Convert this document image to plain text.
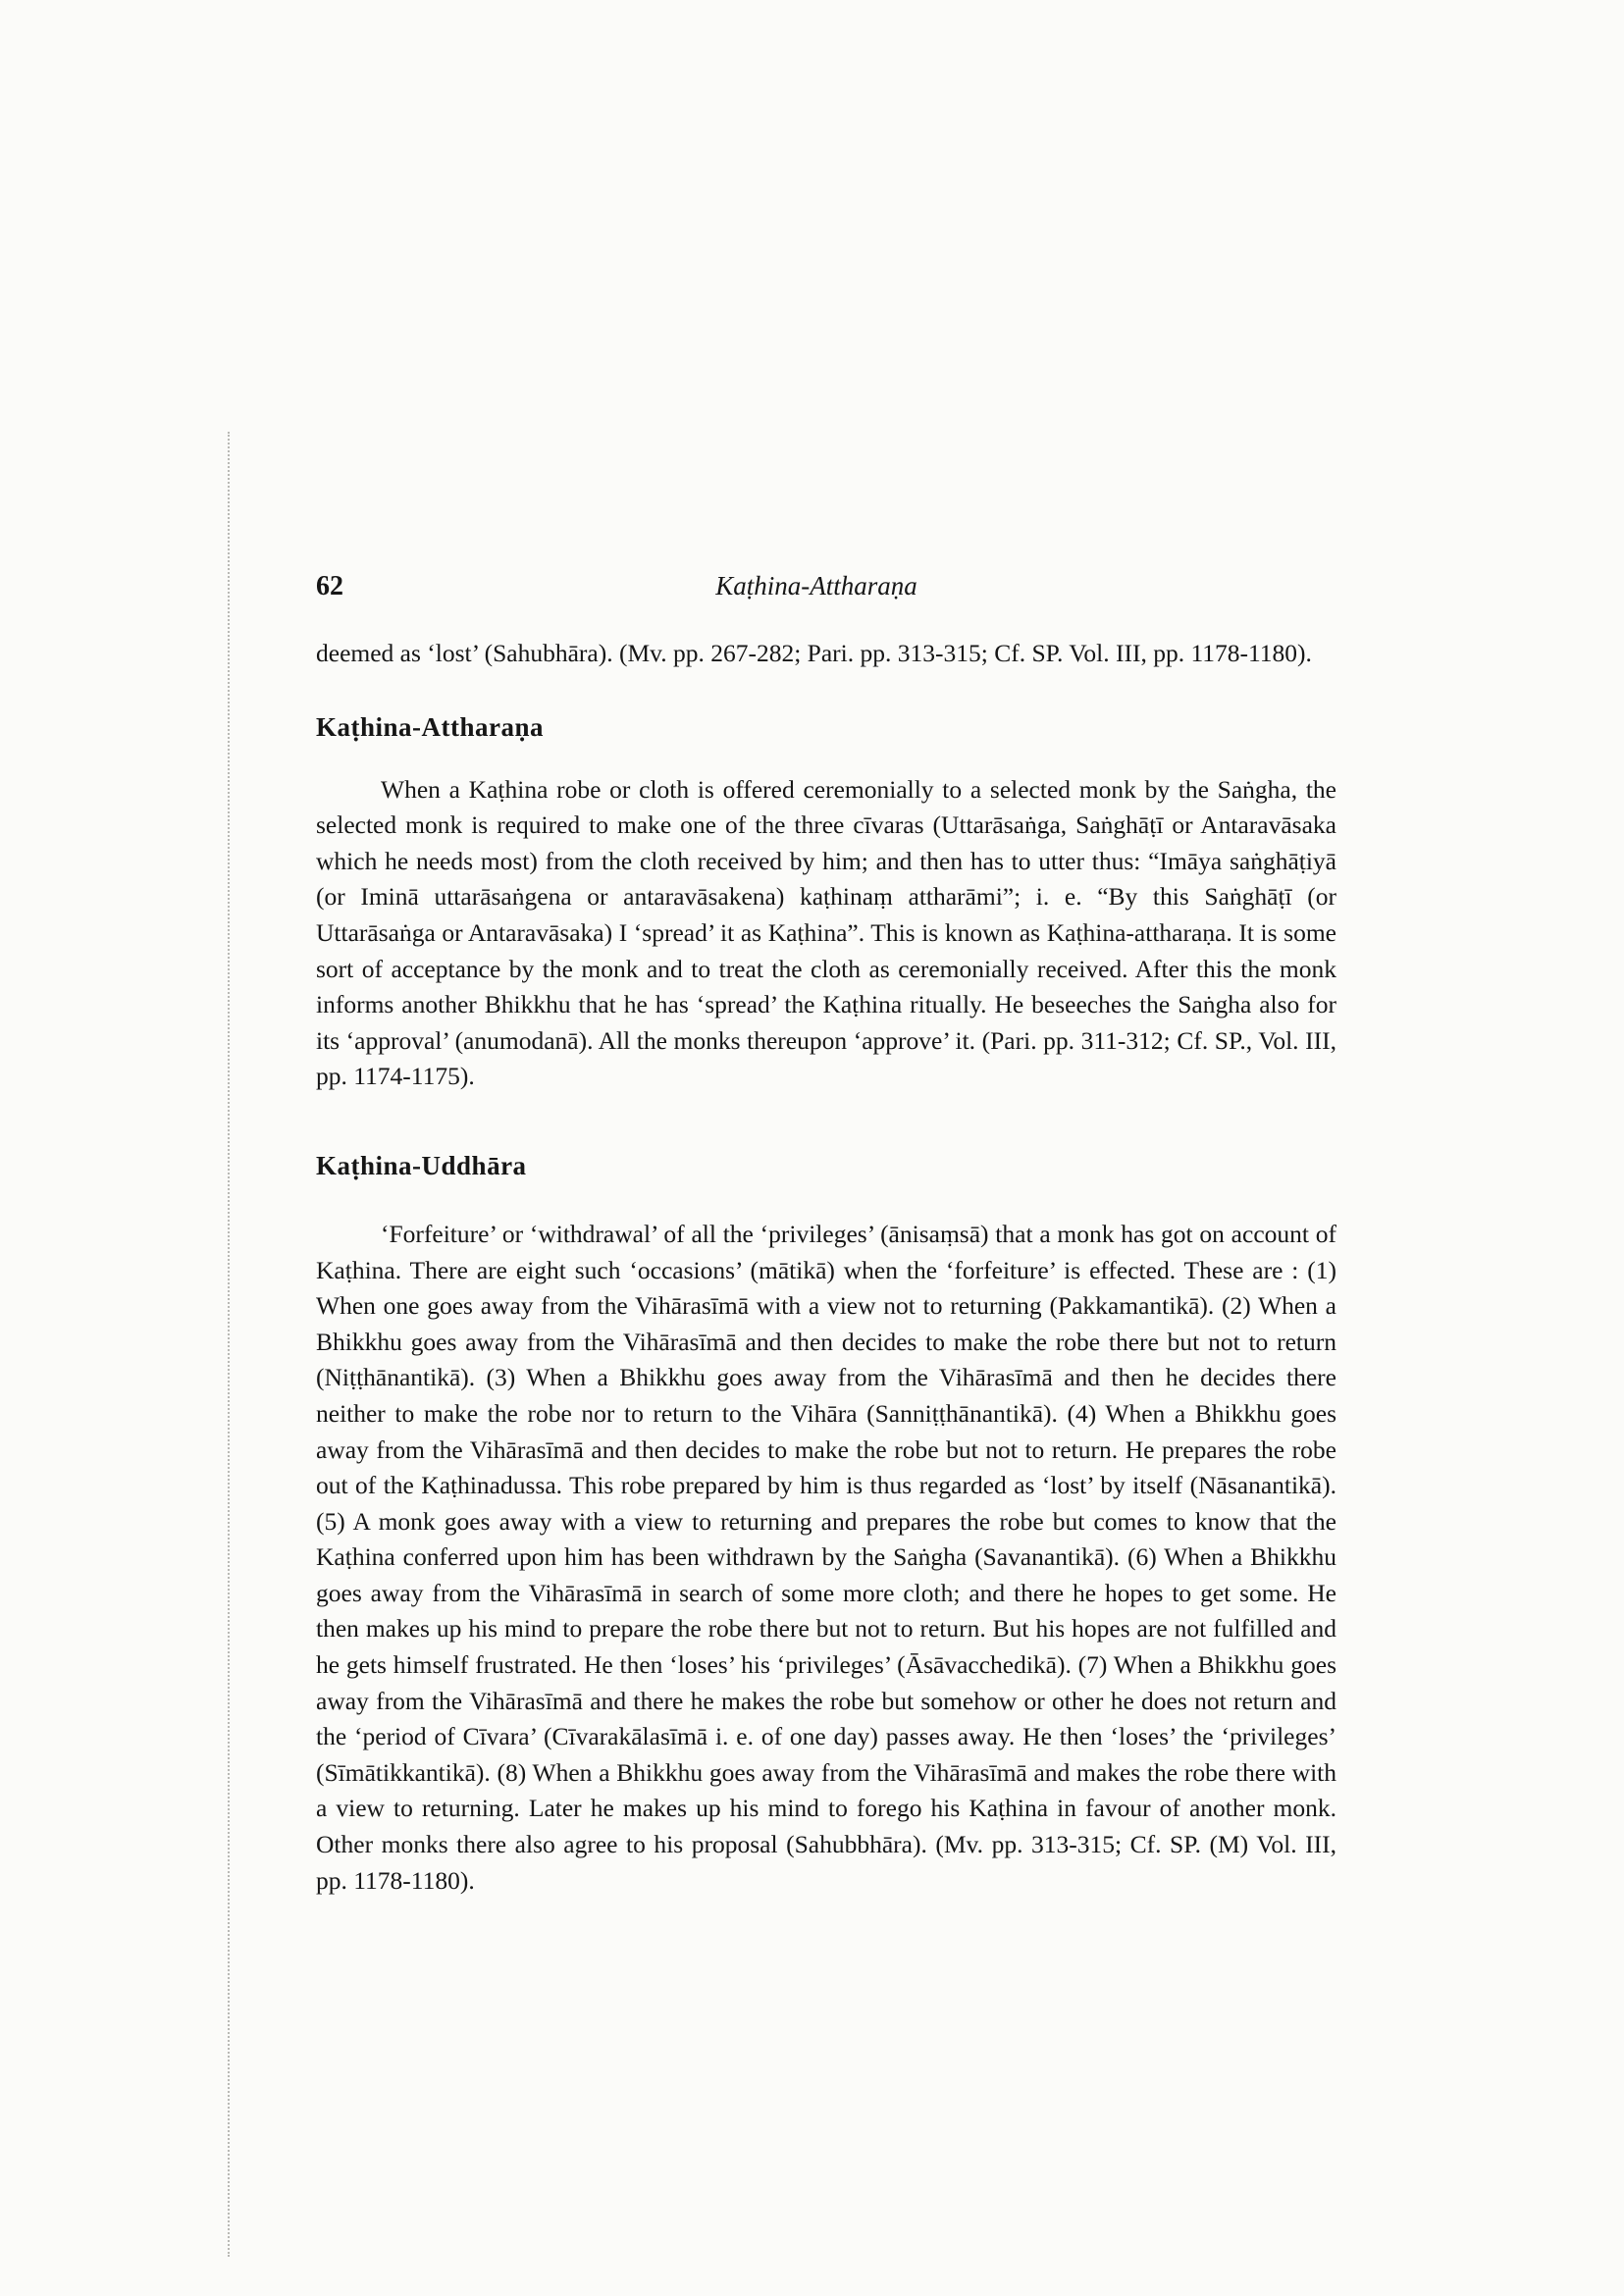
62	Kaṭhina-Attharaṇa

deemed as ‘lost’ (Sahubhāra). (Mv. pp. 267-282; Pari. pp. 313-315; Cf. SP. Vol. III, pp. 1178-1180).

Kaṭhina-Attharaṇa

When a Kaṭhina robe or cloth is offered ceremonially to a selected monk by the Saṅgha, the selected monk is required to make one of the three cīvaras (Uttarāsaṅga, Saṅghāṭī or Antaravāsaka which he needs most) from the cloth received by him; and then has to utter thus: “Imāya saṅghāṭiyā (or Iminā uttarāsaṅgena or antaravāsakena) kaṭhinaṃ attharāmi”; i. e. “By this Saṅghāṭī (or Uttarāsaṅga or Antaravāsaka) I ‘spread’ it as Kaṭhina”. This is known as Kaṭhina-attharaṇa. It is some sort of acceptance by the monk and to treat the cloth as ceremonially received. After this the monk informs another Bhikkhu that he has ‘spread’ the Kaṭhina ritually. He beseeches the Saṅgha also for its ‘approval’ (anumodanā). All the monks thereupon ‘approve’ it. (Pari. pp. 311-312; Cf. SP., Vol. III, pp. 1174-1175).

Kaṭhina-Uddhāra

‘Forfeiture’ or ‘withdrawal’ of all the ‘privileges’ (ānisaṃsā) that a monk has got on account of Kaṭhina. There are eight such ‘occasions’ (mātikā) when the ‘forfeiture’ is effected. These are : (1) When one goes away from the Vihārasīmā with a view not to returning (Pakkamantikā). (2) When a Bhikkhu goes away from the Vihārasīmā and then decides to make the robe there but not to return (Niṭṭhānantikā). (3) When a Bhikkhu goes away from the Vihārasīmā and then he decides there neither to make the robe nor to return to the Vihāra (Sanniṭṭhānantikā). (4) When a Bhikkhu goes away from the Vihārasīmā and then decides to make the robe but not to return. He prepares the robe out of the Kaṭhinadussa. This robe prepared by him is thus regarded as ‘lost’ by itself (Nāsanantikā). (5) A monk goes away with a view to returning and prepares the robe but comes to know that the Kaṭhina conferred upon him has been withdrawn by the Saṅgha (Savanantikā). (6) When a Bhikkhu goes away from the Vihārasīmā in search of some more cloth; and there he hopes to get some. He then makes up his mind to prepare the robe there but not to return. But his hopes are not fulfilled and he gets himself frustrated. He then ‘loses’ his ‘privileges’ (Āsāvacchedikā). (7) When a Bhikkhu goes away from the Vihārasīmā and there he makes the robe but somehow or other he does not return and the ‘period of Cīvara’ (Cīvarakālasīmā i. e. of one day) passes away. He then ‘loses’ the ‘privileges’ (Sīmātikkantikā). (8) When a Bhikkhu goes away from the Vihārasīmā and makes the robe there with a view to returning. Later he makes up his mind to forego his Kaṭhina in favour of another monk. Other monks there also agree to his proposal (Sahubbhāra). (Mv. pp. 313-315; Cf. SP. (M) Vol. III, pp. 1178-1180).
